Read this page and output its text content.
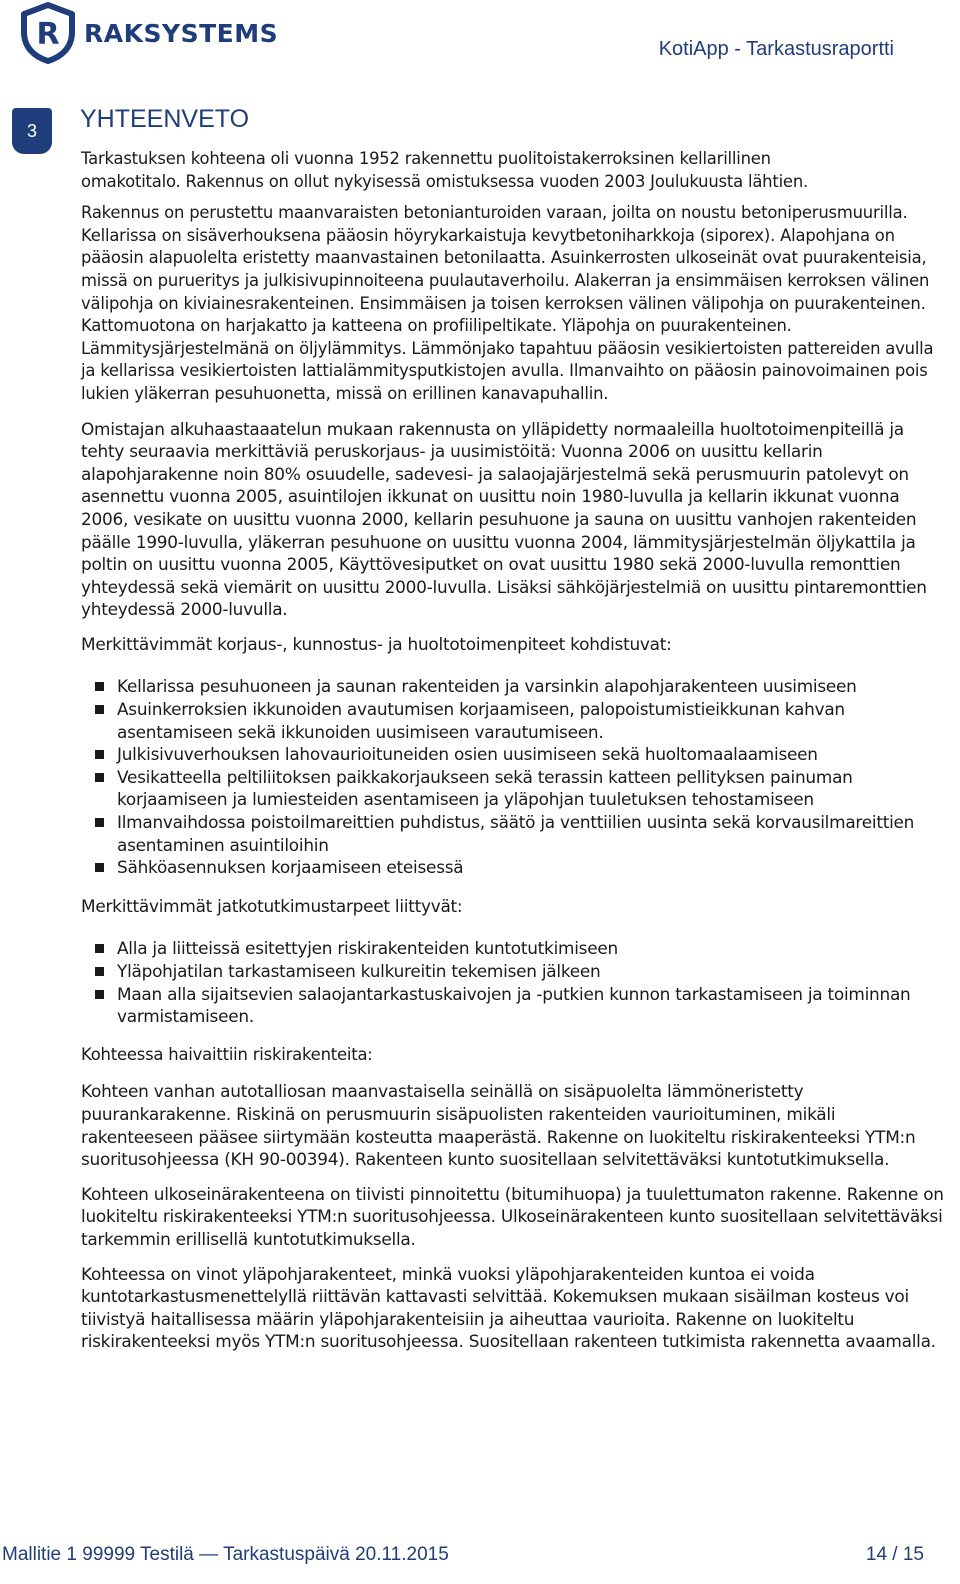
R RAKSYSTEMS
KotiApp - Tarkastusraportti
3	YHTEENVETO

Tarkastuksen kohteena oli vuonna 1952 rakennettu puolitoistakerroksinen kellarillinen

omakotitalo. Rakennus on ollut nykyisessä omistuksessa vuoden 2003 Joulukuusta lähtien.

Rakennus on perustettu maanvaraisten betonianturoiden varaan, joilta on noustu betoniperusmuurilla. Kellarissa on sisäverhouksena pääosin höyrykarkaistuja kevytbetoniharkkoja (siporex). Alapohjana on pääosin alapuolelta eristetty maanvastainen betonilaatta. Asuinkerrosten ulkoseinät ovat puurakenteisia, missä on purueritys ja julkisivupinnoiteena puulautaverhoilu. Alakerran ja ensimmäisen kerroksen välinen välipohja on kiviainesrakenteinen. Ensimmäisen ja toisen kerroksen välinen välipohja on puurakenteinen. Kattomuotona on harjakatto ja katteena on profiilipeltikate. Yläpohja on puurakenteinen. Lämmitysjärjestelmänä on öljylämmitys. Lämmönjako tapahtuu pääosin vesikiertoisten pattereiden avulla ja kellarissa vesikiertoisten lattialämmitysputkistojen avulla. Ilmanvaihto on pääosin painovoimainen pois lukien yläkerran pesuhuonetta, missä on erillinen kanavapuhallin.

Omistajan alkuhaastaaatelun mukaan rakennusta on ylläpidetty normaaleilla huoltotoimenpiteillä ja tehty seuraavia merkittäviä peruskorjaus- ja uusimistöitä: Vuonna 2006 on uusittu kellarin alapohjarakenne noin 80% osuudelle, sadevesi- ja salaojajärjestelmä sekä perusmuurin patolevyt on asennettu vuonna 2005, asuintilojen ikkunat on uusittu noin 1980-luvulla ja kellarin ikkunat vuonna 2006, vesikate on uusittu vuonna 2000, kellarin pesuhuone ja sauna on uusittu vanhojen rakenteiden päälle 1990-luvulla, yläkerran pesuhuone on uusittu vuonna 2004, lämmitysjärjestelmän öljykattila ja poltin on uusittu vuonna 2005, Käyttövesiputket on ovat uusittu 1980 sekä 2000-luvulla remonttien yhteydessä sekä viemärit on uusittu 2000-luvulla. Lisäksi sähköjärjestelmiä on uusittu pintaremonttien yhteydessä 2000-luvulla.

Merkittävimmät korjaus-, kunnostus- ja huoltotoimenpiteet kohdistuvat:

Kellarissa pesuhuoneen ja saunan rakenteiden ja varsinkin alapohjarakenteen uusimiseen
Asuinkerroksien ikkunoiden avautumisen korjaamiseen, palopoistumistieikkunan kahvan asentamiseen sekä ikkunoiden uusimiseen varautumiseen.
Julkisivuverhouksen lahovaurioituneiden osien uusimiseen sekä huoltomaalaamiseen
Vesikatteella peltiliitoksen paikkakorjaukseen sekä terassin katteen pellityksen painuman korjaamiseen ja lumiesteiden asentamiseen ja yläpohjan tuuletuksen tehostamiseen
Ilmanvaihdossa poistoilmareittien puhdistus, säätö ja venttiilien uusinta sekä korvausilmareittien asentaminen asuintiloihin
Sähköasennuksen korjaamiseen eteisessä

Merkittävimmät jatkotutkimustarpeet liittyvät:

Alla ja liitteissä esitettyjen riskirakenteiden kuntotutkimiseen
Yläpohjatilan tarkastamiseen kulkureitin tekemisen jälkeen
Maan alla sijaitsevien salaojantarkastuskaivojen ja -putkien kunnon tarkastamiseen ja toiminnan varmistamiseen.

Kohteessa haivaittiin riskirakenteita:

Kohteen vanhan autotalliosan maanvastaisella seinällä on sisäpuolelta lämmöneristetty puurankarakenne. Riskinä on perusmuurin sisäpuolisten rakenteiden vaurioituminen, mikäli rakenteeseen pääsee siirtymään kosteutta maaperästä. Rakenne on luokiteltu riskirakenteeksi YTM:n suoritusohjeessa (KH 90-00394). Rakenteen kunto suositellaan selvitettäväksi kuntotutkimuksella.

Kohteen ulkoseinärakenteena on tiivisti pinnoitettu (bitumihuopa) ja tuulettumaton rakenne. Rakenne on luokiteltu riskirakenteeksi YTM:n suoritusohjeessa. Ulkoseinärakenteen kunto suositellaan selvitettäväksi tarkemmin erillisellä kuntotutkimuksella.

Kohteessa on vinot yläpohjarakenteet, minkä vuoksi yläpohjarakenteiden kuntoa ei voida kuntotarkastusmenettelyllä riittävän kattavasti selvittää. Kokemuksen mukaan sisäilman kosteus voi tiivistyä haitallisessa määrin yläpohjarakenteisiin ja aiheuttaa vaurioita. Rakenne on luokiteltu riskirakenteeksi myös YTM:n suoritusohjeessa. Suositellaan rakenteen tutkimista rakennetta avaamalla.

Mallitie 1 99999 Testilä — Tarkastuspäivä 20.11.2015	14 / 15
